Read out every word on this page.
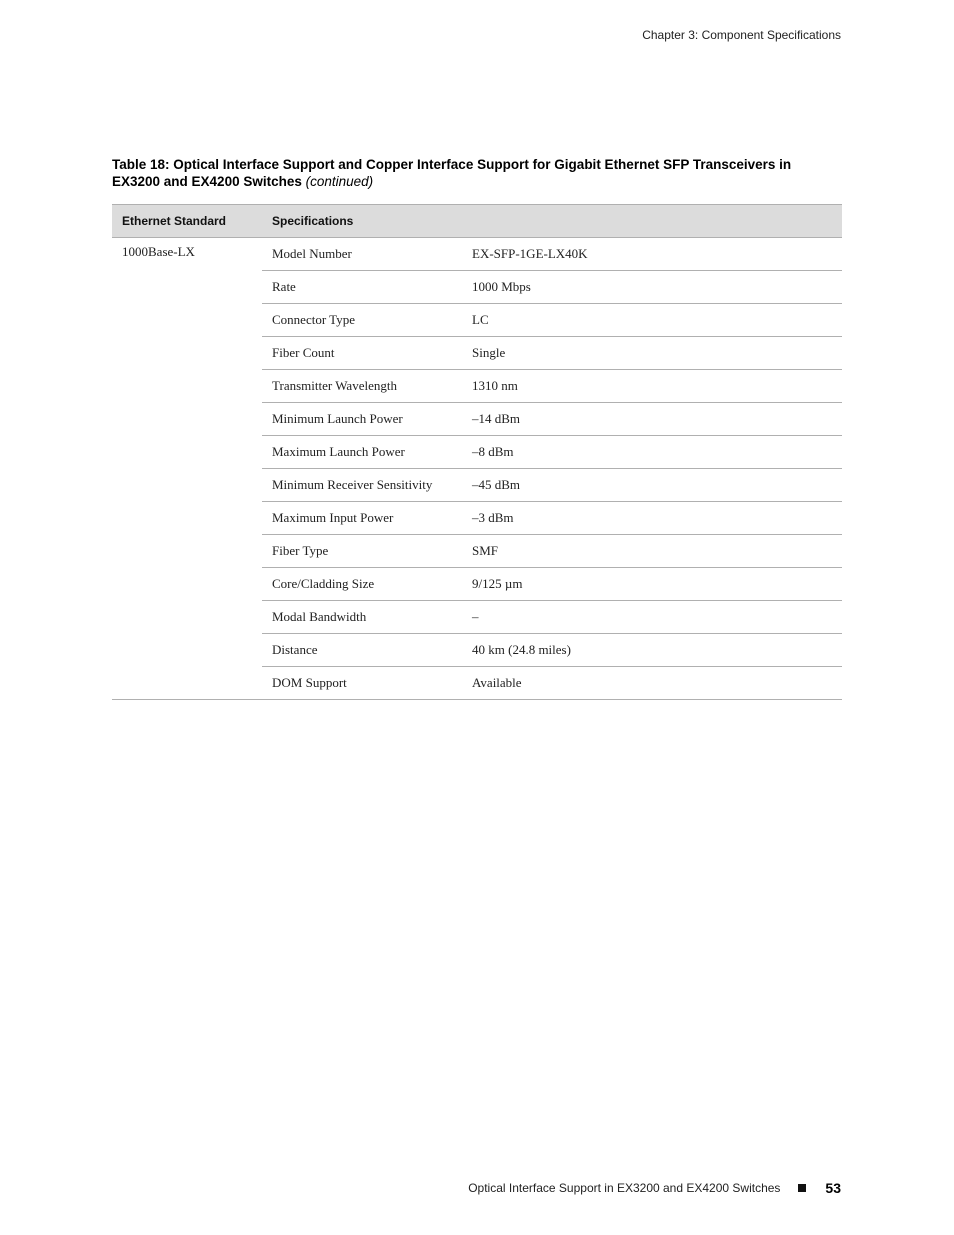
Chapter 3: Component Specifications
Table 18: Optical Interface Support and Copper Interface Support for Gigabit Ethernet SFP Transceivers in EX3200 and EX4200 Switches (continued)
Ethernet Standard	Specifications	
1000Base-LX	Model Number	EX-SFP-1GE-LX40K
	Rate	1000 Mbps
	Connector Type	LC
	Fiber Count	Single
	Transmitter Wavelength	1310 nm
	Minimum Launch Power	–14 dBm
	Maximum Launch Power	–8 dBm
	Minimum Receiver Sensitivity	–45 dBm
	Maximum Input Power	–3 dBm
	Fiber Type	SMF
	Core/Cladding Size	9/125 µm
	Modal Bandwidth	–
	Distance	40 km (24.8 miles)
	DOM Support	Available
Optical Interface Support in EX3200 and EX4200 Switches	53
